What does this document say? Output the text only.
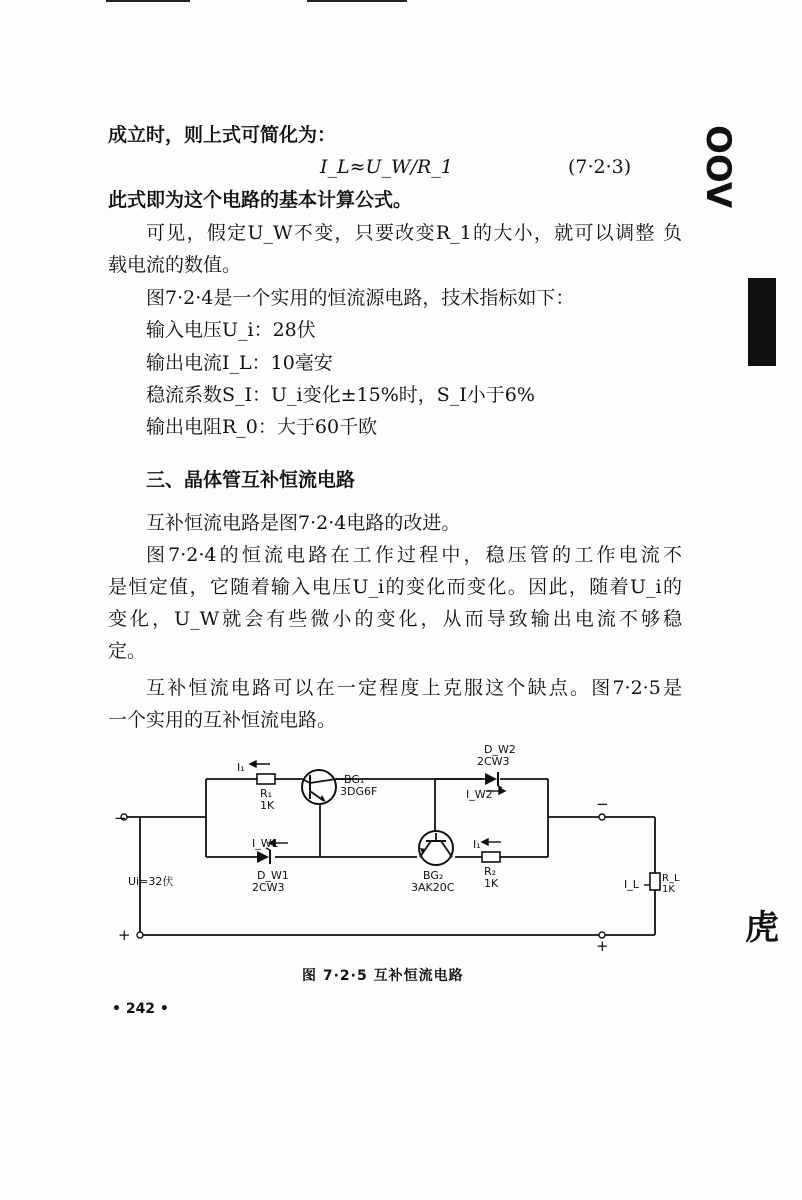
成立时，则上式可简化为：
I_L≈U_W/R_1	(7·2·3)
此式即为这个电路的基本计算公式。
可见，假定U_W不变，只要改变R_1的大小，就可以调整 负
载电流的数值。
图7·2·4是一个实用的恒流源电路，技术指标如下：
输入电压U_i：28伏
输出电流I_L：10毫安
稳流系数S_I：U_i变化±15%时，S_I小于6%
输出电阻R_0：大于60千欧
三、晶体管互补恒流电路
互补恒流电路是图7·2·4电路的改进。
图7·2·4的恒流电路在工作过程中，稳压管的工作电流不
是恒定值，它随着输入电压U_i的变化而变化。因此，随着U_i的
变化，U_W就会有些微小的变化，从而导致输出电流不够稳
定。
互补恒流电路可以在一定程度上克服这个缺点。图7·2·5是
一个实用的互补恒流电路。
I₁
R₁
1K
BG₁
3DG6F
D_W2
2CW3
I_W2
I_W1
D_W1
2CW3
BG₂
3AK20C
I₁
R₂
1K
Ui=32伏	I_L R_L
1K
−
+
−
+
图 7·2·5 互补恒流电路
• 242 •
OOV
虎
